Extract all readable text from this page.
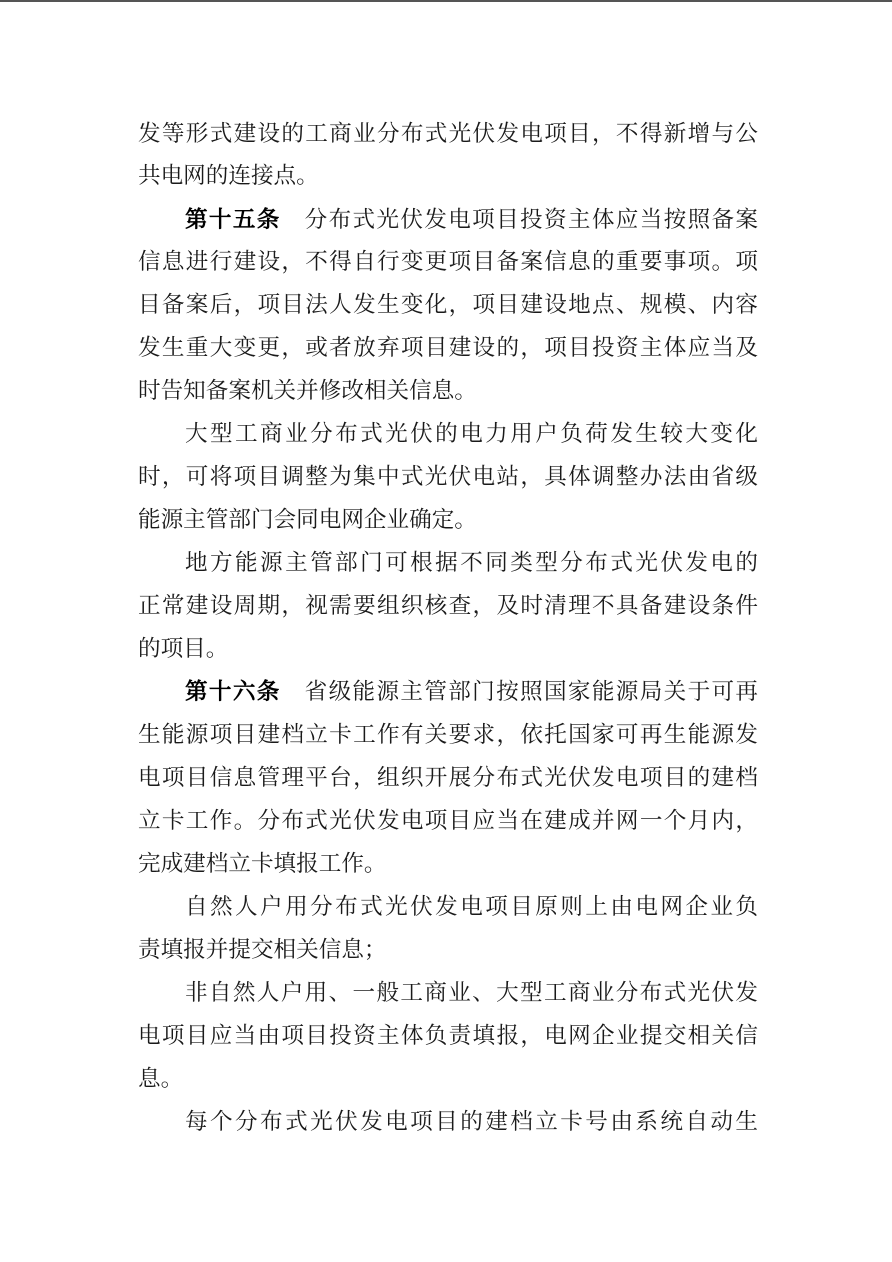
发等形式建设的工商业分布式光伏发电项目，不得新增与公
共电网的连接点。
第十五条　 分布式光伏发电项目投资主体应当按照备案
信息进行建设，不得自行变更项目备案信息的重要事项。项
目备案后，项目法人发生变化，项目建设地点、规模、内容
发生重大变更，或者放弃项目建设的，项目投资主体应当及
时告知备案机关并修改相关信息。
大型工商业分布式光伏的电力用户负荷发生较大变化
时，可将项目调整为集中式光伏电站，具体调整办法由省级
能源主管部门会同电网企业确定。
地方能源主管部门可根据不同类型分布式光伏发电的
正常建设周期，视需要组织核查，及时清理不具备建设条件
的项目。
第十六条　 省级能源主管部门按照国家能源局关于可再
生能源项目建档立卡工作有关要求，依托国家可再生能源发
电项目信息管理平台，组织开展分布式光伏发电项目的建档
立卡工作。分布式光伏发电项目应当在建成并网一个月内，
完成建档立卡填报工作。
自然人户用分布式光伏发电项目原则上由电网企业负
责填报并提交相关信息；
非自然人户用、一般工商业、大型工商业分布式光伏发
电项目应当由项目投资主体负责填报，电网企业提交相关信
息。
每个分布式光伏发电项目的建档立卡号由系统自动生
